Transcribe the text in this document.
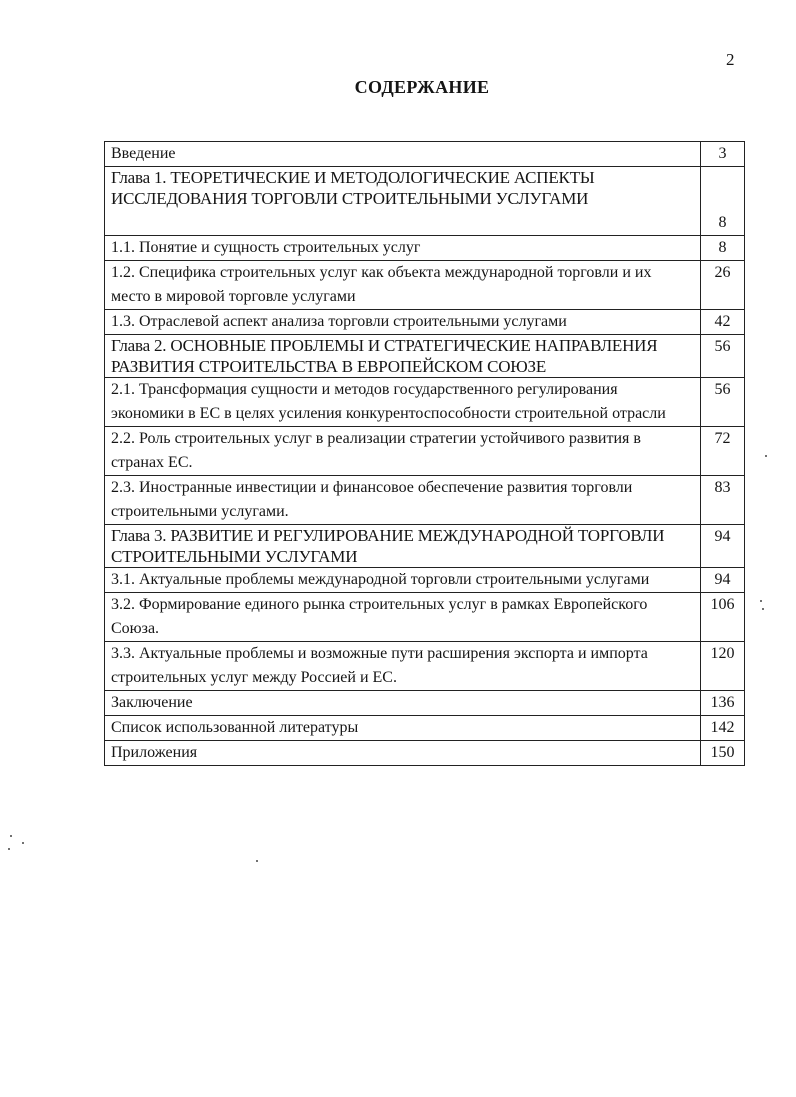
2
СОДЕРЖАНИЕ
Введение	3
Глава 1. ТЕОРЕТИЧЕСКИЕ И МЕТОДОЛОГИЧЕСКИЕ АСПЕКТЫ ИССЛЕДОВАНИЯ ТОРГОВЛИ СТРОИТЕЛЬНЫМИ УСЛУГАМИ	8
1.1. Понятие и сущность строительных услуг	8
1.2. Специфика строительных услуг как объекта международной торговли и их место в мировой торговле услугами	26
1.3. Отраслевой аспект анализа торговли строительными услугами	42
Глава 2. ОСНОВНЫЕ ПРОБЛЕМЫ И СТРАТЕГИЧЕСКИЕ НАПРАВЛЕНИЯ РАЗВИТИЯ СТРОИТЕЛЬСТВА В ЕВРОПЕЙСКОМ СОЮЗЕ	56
2.1. Трансформация сущности и методов государственного регулирования экономики в ЕС в целях усиления конкурентоспособности строительной отрасли	56
2.2. Роль строительных услуг в реализации стратегии устойчивого развития в странах ЕС.	72
2.3. Иностранные инвестиции и финансовое обеспечение развития торговли строительными услугами.	83
Глава 3. РАЗВИТИЕ И РЕГУЛИРОВАНИЕ МЕЖДУНАРОДНОЙ ТОРГОВЛИ СТРОИТЕЛЬНЫМИ УСЛУГАМИ	94
3.1. Актуальные проблемы международной торговли строительными услугами	94
3.2. Формирование единого рынка строительных услуг в рамках Европейского Союза.	106
3.3. Актуальные проблемы и возможные пути расширения экспорта и импорта строительных услуг между Россией и ЕС.	120
Заключение	136
Список использованной литературы	142
Приложения	150
